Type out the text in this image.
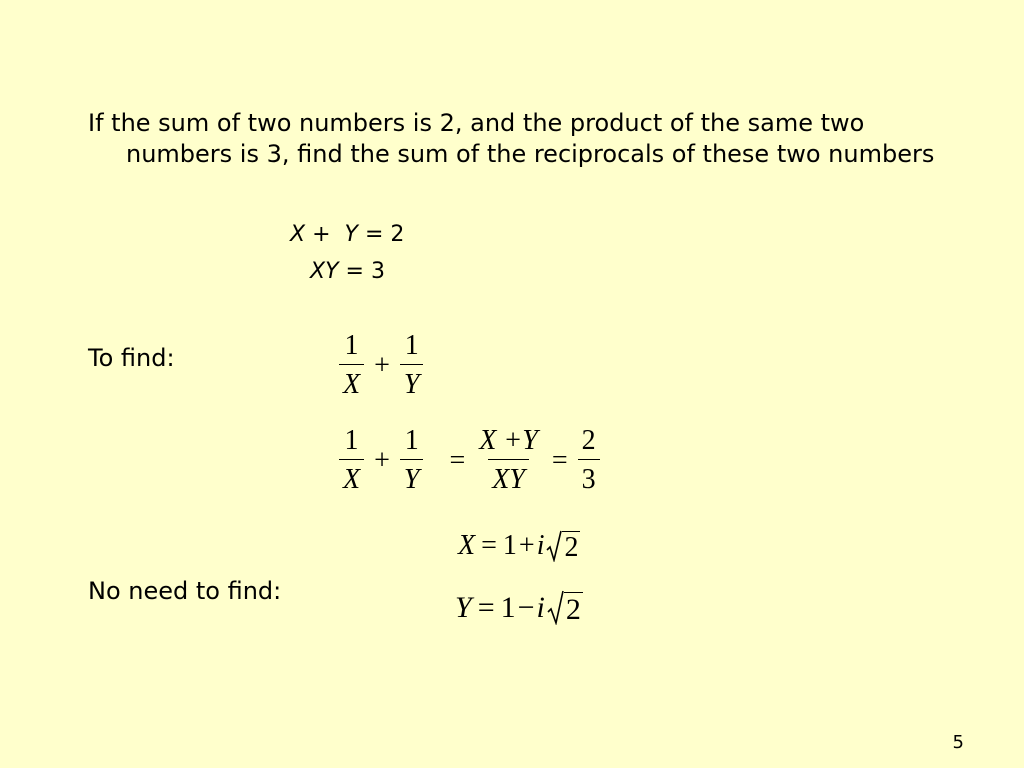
If the sum of two numbers is 2, and the product of the same two numbers is 3, find the sum of the reciprocals of these two numbers
X + Y = 2
XY = 3
To find:	$\frac{1}{X} + \frac{1}{Y}$
$\frac{1}{X} + \frac{1}{Y} = \frac{X +Y}{XY} = \frac{2}{3}$
No need to find:
X = 1 + i 2
Y = 1 − i 2
5
